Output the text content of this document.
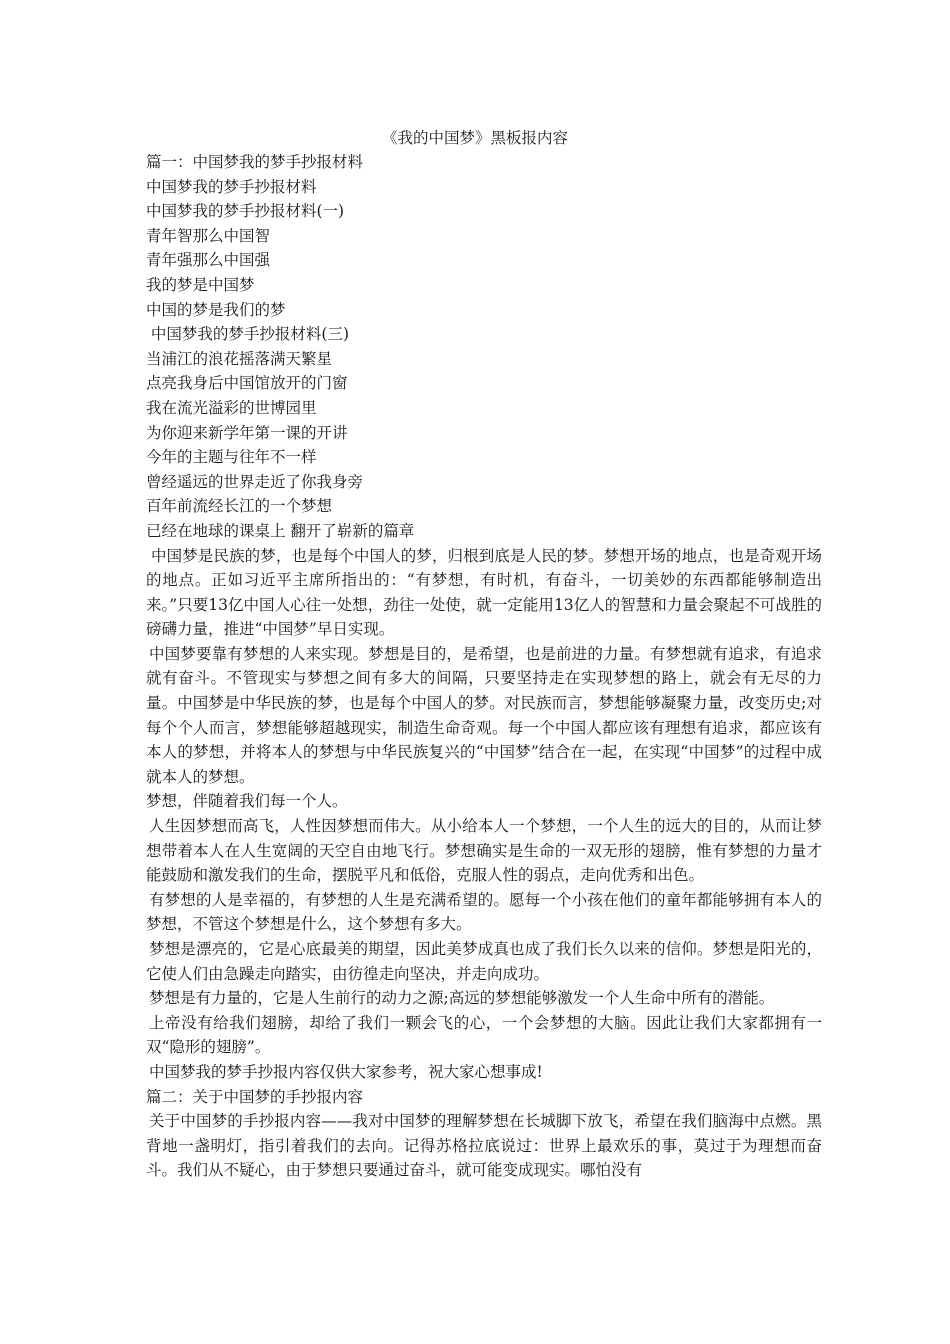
《我的中国梦》黑板报内容

篇一：中国梦我的梦手抄报材料

中国梦我的梦手抄报材料

中国梦我的梦手抄报材料(一)

青年智那么中国智

青年强那么中国强

我的梦是中国梦

中国的梦是我们的梦

中国梦我的梦手抄报材料(三)

当浦江的浪花摇落满天繁星

点亮我身后中国馆放开的门窗

我在流光溢彩的世博园里

为你迎来新学年第一课的开讲

今年的主题与往年不一样

曾经遥远的世界走近了你我身旁

百年前流经长江的一个梦想

已经在地球的课桌上 翻开了崭新的篇章

中国梦是民族的梦，也是每个中国人的梦，归根到底是人民的梦。梦想开场的地点，也是奇观开场的地点。正如习近平主席所指出的：“有梦想，有时机，有奋斗，一切美妙的东西都能够制造出来。”只要13亿中国人心往一处想，劲往一处使，就一定能用13亿人的智慧和力量会聚起不可战胜的磅礴力量，推进“中国梦”早日实现。

中国梦要靠有梦想的人来实现。梦想是目的，是希望，也是前进的力量。有梦想就有追求，有追求就有奋斗。不管现实与梦想之间有多大的间隔，只要坚持走在实现梦想的路上，就会有无尽的力量。中国梦是中华民族的梦，也是每个中国人的梦。对民族而言，梦想能够凝聚力量，改变历史;对每个个人而言，梦想能够超越现实，制造生命奇观。每一个中国人都应该有理想有追求，都应该有本人的梦想，并将本人的梦想与中华民族复兴的“中国梦”结合在一起，在实现“中国梦”的过程中成就本人的梦想。

梦想，伴随着我们每一个人。

人生因梦想而高飞，人性因梦想而伟大。从小给本人一个梦想，一个人生的远大的目的，从而让梦想带着本人在人生宽阔的天空自由地飞行。梦想确实是生命的一双无形的翅膀，惟有梦想的力量才能鼓励和激发我们的生命，摆脱平凡和低俗，克服人性的弱点，走向优秀和出色。

有梦想的人是幸福的，有梦想的人生是充满希望的。愿每一个小孩在他们的童年都能够拥有本人的梦想，不管这个梦想是什么，这个梦想有多大。

梦想是漂亮的，它是心底最美的期望，因此美梦成真也成了我们长久以来的信仰。梦想是阳光的，它使人们由急躁走向踏实，由彷徨走向坚决，并走向成功。

梦想是有力量的，它是人生前行的动力之源;高远的梦想能够激发一个人生命中所有的潜能。

上帝没有给我们翅膀，却给了我们一颗会飞的心，一个会梦想的大脑。因此让我们大家都拥有一双“隐形的翅膀”。

中国梦我的梦手抄报内容仅供大家参考，祝大家心想事成!

篇二：关于中国梦的手抄报内容

关于中国梦的手抄报内容——我对中国梦的理解梦想在长城脚下放飞，希望在我们脑海中点燃。黑背地一盏明灯，指引着我们的去向。记得苏格拉底说过：世界上最欢乐的事，莫过于为理想而奋斗。我们从不疑心，由于梦想只要通过奋斗，就可能变成现实。哪怕没有
